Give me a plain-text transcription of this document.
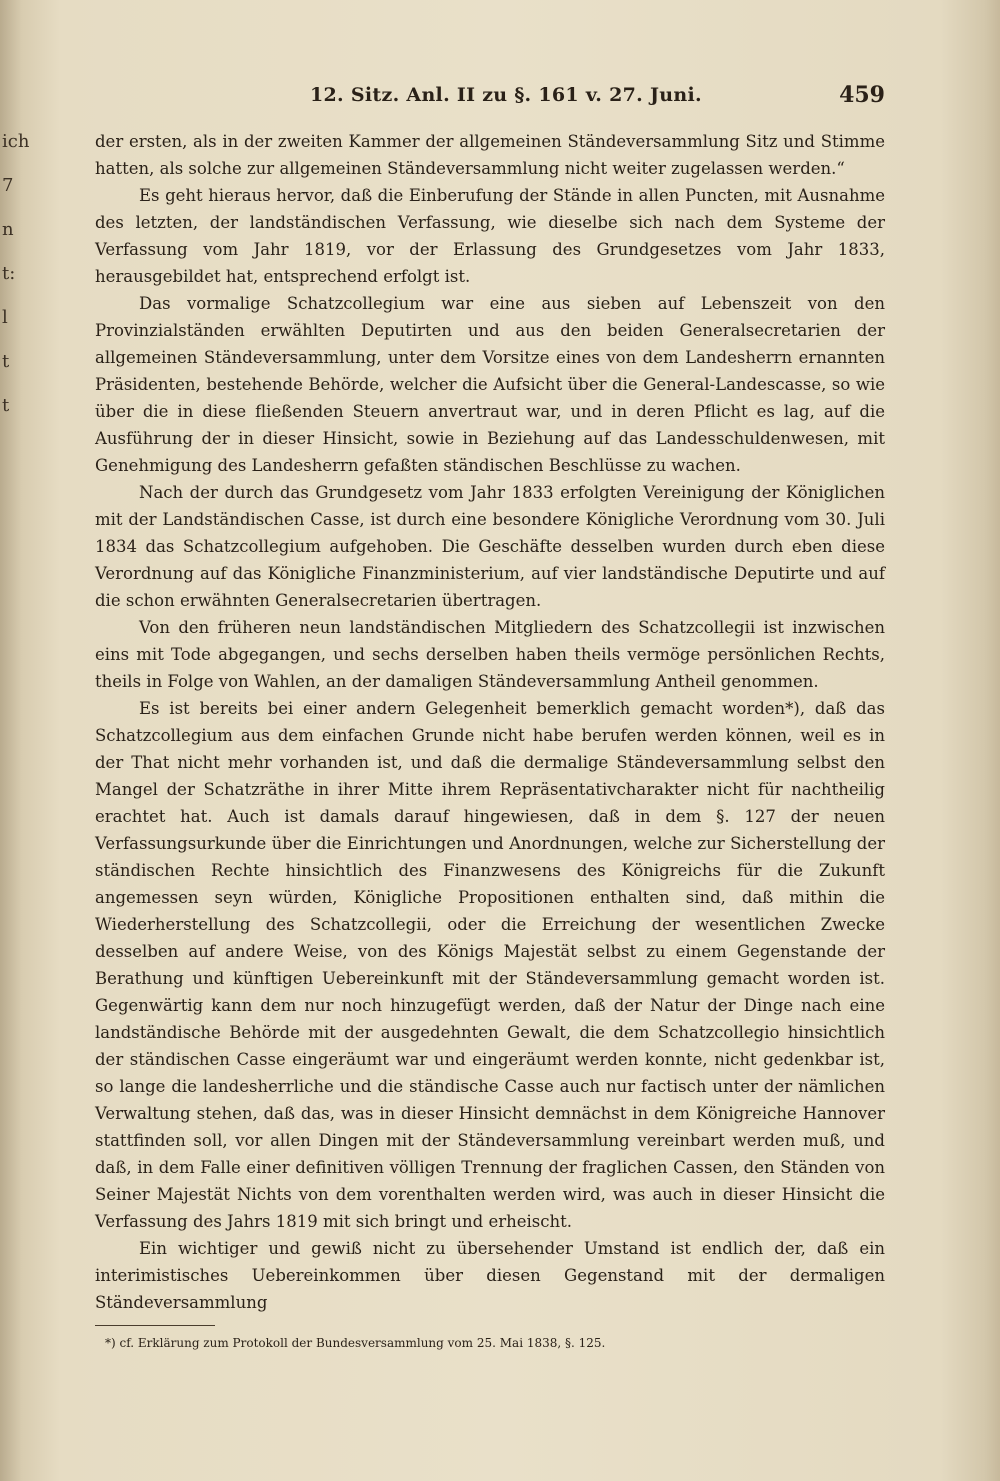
ich
7
n
t:
l
t
t
12. Sitz. Anl. II zu §. 161 v. 27. Juni.	459

der ersten, als in der zweiten Kammer der allgemeinen Ständeversammlung Sitz und Stimme hatten, als solche zur allgemeinen Ständeversammlung nicht weiter zugelassen werden.“

Es geht hieraus hervor, daß die Einberufung der Stände in allen Puncten, mit Ausnahme des letzten, der landständischen Verfassung, wie dieselbe sich nach dem Systeme der Verfassung vom Jahr 1819, vor der Erlassung des Grundgesetzes vom Jahr 1833, herausgebildet hat, entsprechend erfolgt ist.

Das vormalige Schatzcollegium war eine aus sieben auf Lebenszeit von den Provinzialständen erwählten Deputirten und aus den beiden Generalsecretarien der allgemeinen Ständeversammlung, unter dem Vorsitze eines von dem Landesherrn ernannten Präsidenten, bestehende Behörde, welcher die Aufsicht über die General-Landescasse, so wie über die in diese fließenden Steuern anvertraut war, und in deren Pflicht es lag, auf die Ausführung der in dieser Hinsicht, sowie in Beziehung auf das Landesschuldenwesen, mit Genehmigung des Landesherrn gefaßten ständischen Beschlüsse zu wachen.

Nach der durch das Grundgesetz vom Jahr 1833 erfolgten Vereinigung der Königlichen mit der Landständischen Casse, ist durch eine besondere Königliche Verordnung vom 30. Juli 1834 das Schatzcollegium aufgehoben. Die Geschäfte desselben wurden durch eben diese Verordnung auf das Königliche Finanzministerium, auf vier landständische Deputirte und auf die schon erwähnten Generalsecretarien übertragen.

Von den früheren neun landständischen Mitgliedern des Schatzcollegii ist inzwischen eins mit Tode abgegangen, und sechs derselben haben theils vermöge persönlichen Rechts, theils in Folge von Wahlen, an der damaligen Ständeversammlung Antheil genommen.

Es ist bereits bei einer andern Gelegenheit bemerklich gemacht worden*), daß das Schatzcollegium aus dem einfachen Grunde nicht habe berufen werden können, weil es in der That nicht mehr vorhanden ist, und daß die dermalige Ständeversammlung selbst den Mangel der Schatzräthe in ihrer Mitte ihrem Repräsentativcharakter nicht für nachtheilig erachtet hat. Auch ist damals darauf hingewiesen, daß in dem §. 127 der neuen Verfassungsurkunde über die Einrichtungen und Anordnungen, welche zur Sicherstellung der ständischen Rechte hinsichtlich des Finanzwesens des Königreichs für die Zukunft angemessen seyn würden, Königliche Propositionen enthalten sind, daß mithin die Wiederherstellung des Schatzcollegii, oder die Erreichung der wesentlichen Zwecke desselben auf andere Weise, von des Königs Majestät selbst zu einem Gegenstande der Berathung und künftigen Uebereinkunft mit der Ständeversammlung gemacht worden ist. Gegenwärtig kann dem nur noch hinzugefügt werden, daß der Natur der Dinge nach eine landständische Behörde mit der ausgedehnten Gewalt, die dem Schatzcollegio hinsichtlich der ständischen Casse eingeräumt war und eingeräumt werden konnte, nicht gedenkbar ist, so lange die landesherrliche und die ständische Casse auch nur factisch unter der nämlichen Verwaltung stehen, daß das, was in dieser Hinsicht demnächst in dem Königreiche Hannover stattfinden soll, vor allen Dingen mit der Ständeversammlung vereinbart werden muß, und daß, in dem Falle einer definitiven völligen Trennung der fraglichen Cassen, den Ständen von Seiner Majestät Nichts von dem vorenthalten werden wird, was auch in dieser Hinsicht die Verfassung des Jahrs 1819 mit sich bringt und erheischt.

Ein wichtiger und gewiß nicht zu übersehender Umstand ist endlich der, daß ein interimistisches Uebereinkommen über diesen Gegenstand mit der dermaligen Ständeversammlung

*) cf. Erklärung zum Protokoll der Bundesversammlung vom 25. Mai 1838, §. 125.
